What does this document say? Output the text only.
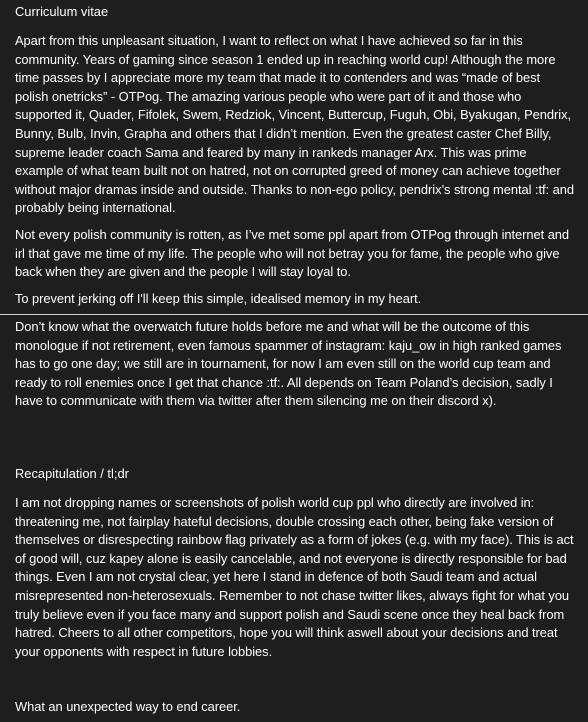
Curriculum vitae

Apart from this unpleasant situation, I want to reflect on what I have achieved so far in this community. Years of gaming since season 1 ended up in reaching world cup! Although the more time passes by I appreciate more my team that made it to contenders and was “made of best polish onetricks” - OTPog. The amazing various people who were part of it and those who supported it, Quader, Fifolek, Swem, Redziok, Vincent, Buttercup, Fuguh, Obi, Byakugan, Pendrix, Bunny, Bulb, Invin, Grapha and others that I didn’t mention. Even the greatest caster Chef Billy, supreme leader coach Sama and feared by many in rankeds manager Arx. This was prime example of what team built not on hatred, not on corrupted greed of money can achieve together without major dramas inside and outside. Thanks to non-ego policy, pendrix’s strong mental :tf: and probably being international.

Not every polish community is rotten, as I’ve met some ppl apart from OTPog through internet and irl that gave me time of my life. The people who will not betray you for fame, the people who give back when they are given and the people I will stay loyal to.

To prevent jerking off I'll keep this simple, idealised memory in my heart.

Don’t know what the overwatch future holds before me and what will be the outcome of this monologue if not retirement, even famous spammer of instagram: kaju_ow in high ranked games has to go one day; we still are in tournament, for now I am even still on the world cup team and ready to roll enemies once I get that chance :tf:. All depends on Team Poland’s decision, sadly I have to communicate with them via twitter after them silencing me on their discord x).

Recapitulation / tl;dr

I am not dropping names or screenshots of polish world cup ppl who directly are involved in: threatening me, not fairplay hateful decisions, double crossing each other, being fake version of themselves or disrespecting rainbow flag privately as a form of jokes (e.g. with my face). This is act of good will, cuz kapey alone is easily cancelable, and not everyone is directly responsible for bad things. Even I am not crystal clear, yet here I stand in defence of both Saudi team and actual misrepresented non-heterosexuals. Remember to not chase twitter likes, always fight for what you truly believe even if you face many and support polish and Saudi scene once they heal back from hatred. Cheers to all other competitors, hope you will think aswell about your decisions and treat your opponents with respect in future lobbies.

What an unexpected way to end career.
